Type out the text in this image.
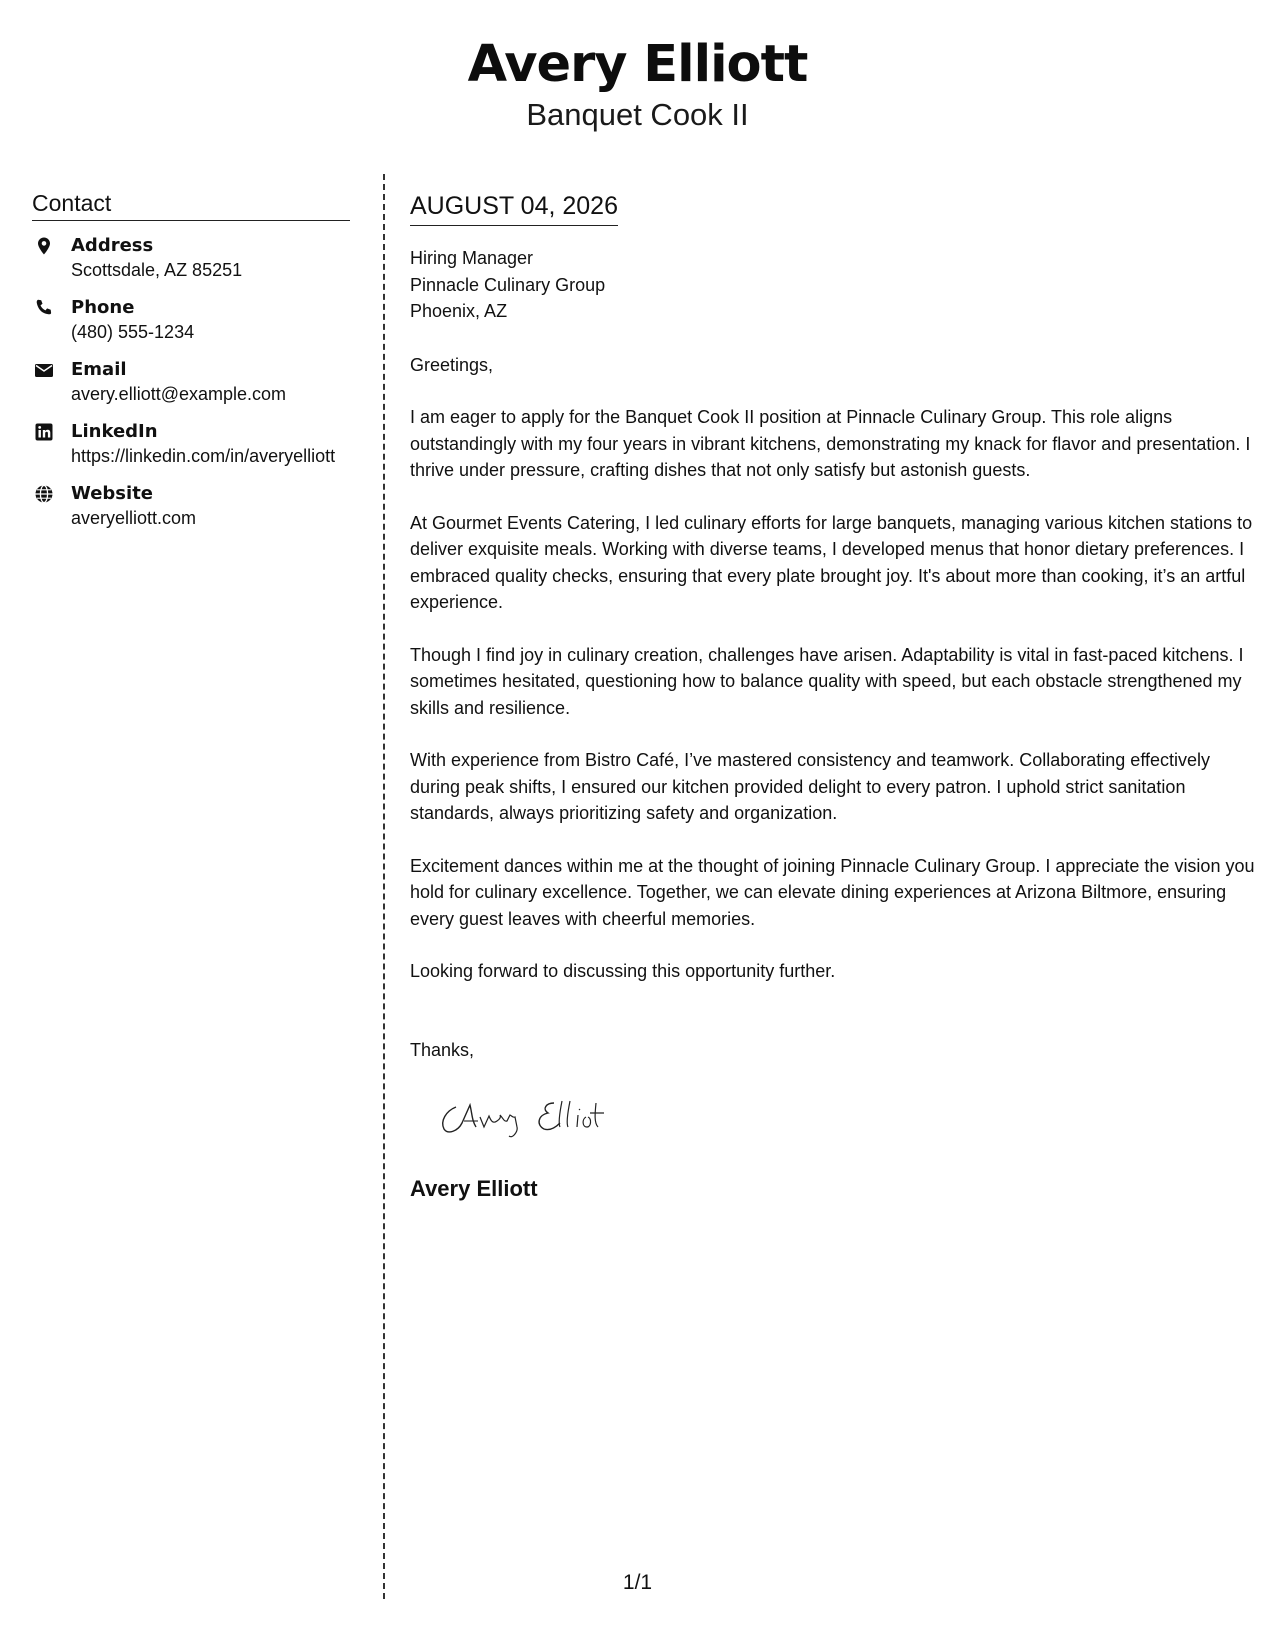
Avery Elliott
Banquet Cook II
Contact
Address
Scottsdale, AZ 85251
Phone
(480) 555-1234
Email
avery.elliott@example.com
LinkedIn
https://linkedin.com/in/averyelliott
Website
averyelliott.com
AUGUST 04, 2026
Hiring Manager
Pinnacle Culinary Group
Phoenix, AZ
Greetings,
I am eager to apply for the Banquet Cook II position at Pinnacle Culinary Group. This role aligns outstandingly with my four years in vibrant kitchens, demonstrating my knack for flavor and presentation. I thrive under pressure, crafting dishes that not only satisfy but astonish guests.
At Gourmet Events Catering, I led culinary efforts for large banquets, managing various kitchen stations to deliver exquisite meals. Working with diverse teams, I developed menus that honor dietary preferences. I embraced quality checks, ensuring that every plate brought joy. It's about more than cooking, it’s an artful experience.
Though I find joy in culinary creation, challenges have arisen. Adaptability is vital in fast-paced kitchens. I sometimes hesitated, questioning how to balance quality with speed, but each obstacle strengthened my skills and resilience.
With experience from Bistro Café, I’ve mastered consistency and teamwork. Collaborating effectively during peak shifts, I ensured our kitchen provided delight to every patron. I uphold strict sanitation standards, always prioritizing safety and organization.
Excitement dances within me at the thought of joining Pinnacle Culinary Group. I appreciate the vision you hold for culinary excellence. Together, we can elevate dining experiences at Arizona Biltmore, ensuring every guest leaves with cheerful memories.
Looking forward to discussing this opportunity further.
Thanks,
Avery Elliott
1/1
